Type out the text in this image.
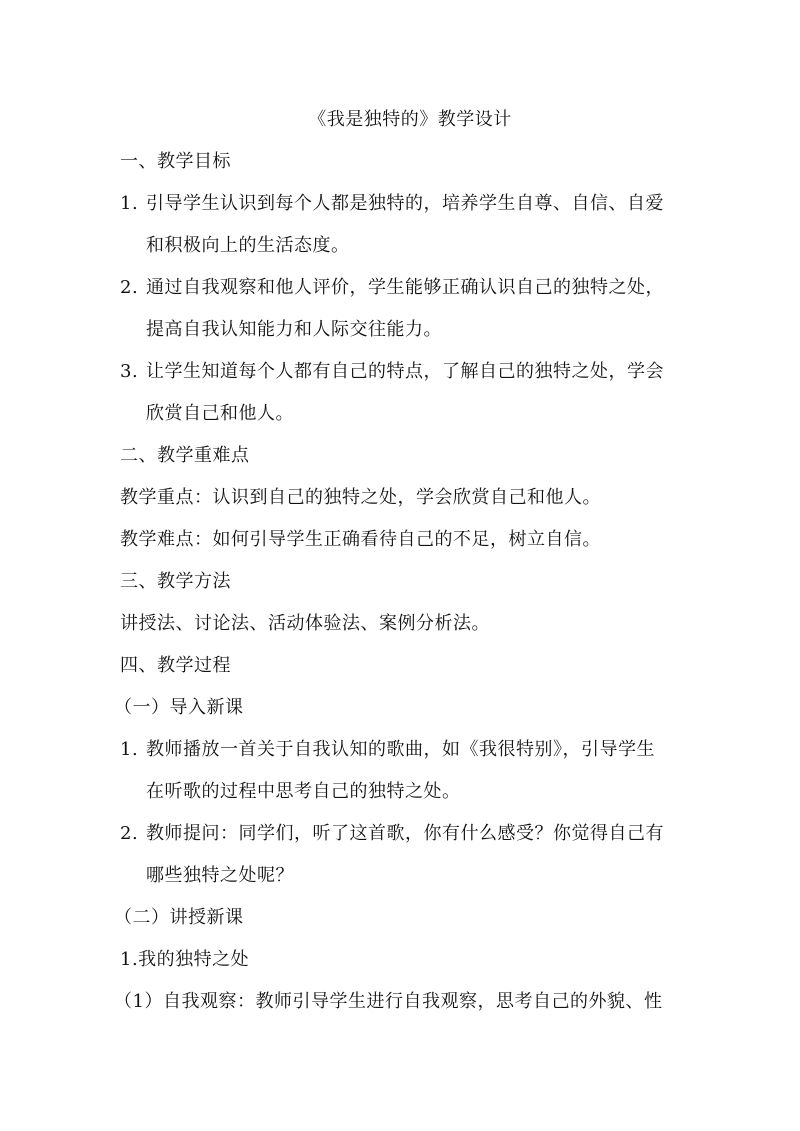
《我是独特的》教学设计
一、教学目标
1. 引导学生认识到每个人都是独特的，培养学生自尊、自信、自爱
和积极向上的生活态度。
2. 通过自我观察和他人评价，学生能够正确认识自己的独特之处，
提高自我认知能力和人际交往能力。
3. 让学生知道每个人都有自己的特点，了解自己的独特之处，学会
欣赏自己和他人。
二、教学重难点
教学重点：认识到自己的独特之处，学会欣赏自己和他人。
教学难点：如何引导学生正确看待自己的不足，树立自信。
三、教学方法
讲授法、讨论法、活动体验法、案例分析法。
四、教学过程
（一）导入新课
1. 教师播放一首关于自我认知的歌曲，如《我很特别》，引导学生
在听歌的过程中思考自己的独特之处。
2. 教师提问：同学们，听了这首歌，你有什么感受？你觉得自己有
哪些独特之处呢？
（二）讲授新课
1.我的独特之处
（1）自我观察：教师引导学生进行自我观察，思考自己的外貌、性
